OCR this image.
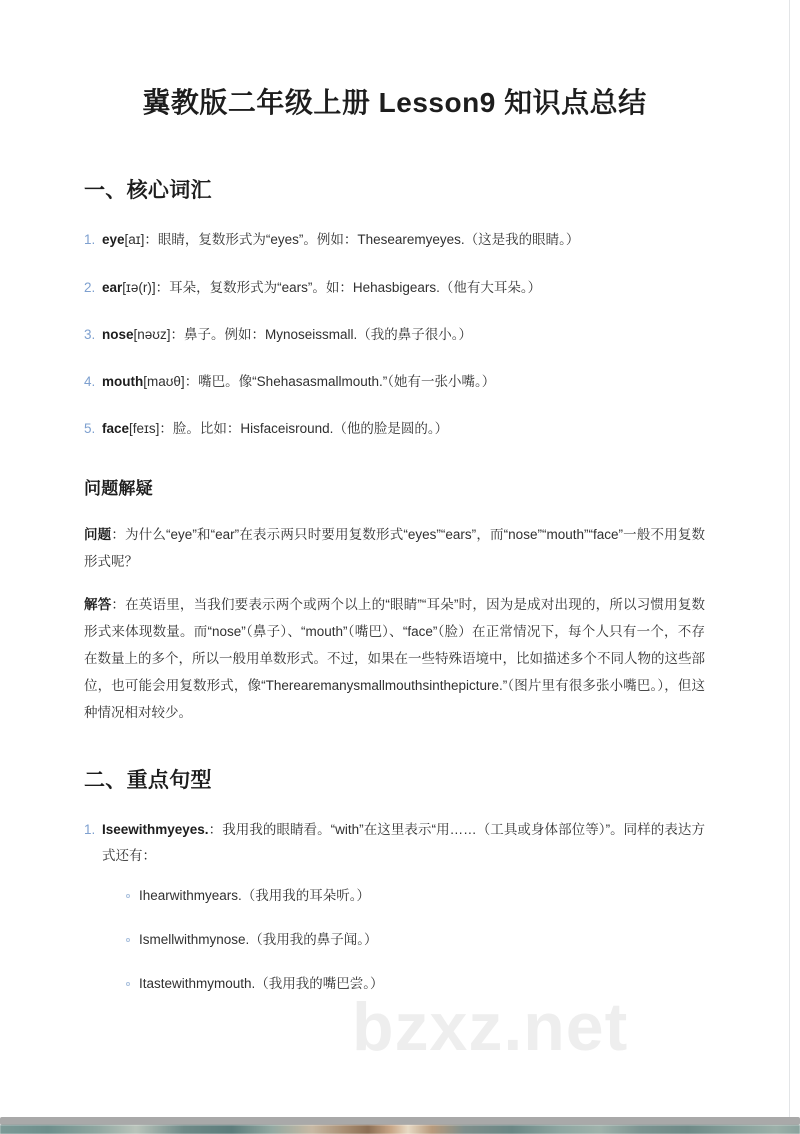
bzxz.net
冀教版二年级上册 Lesson9 知识点总结
一、核心词汇
eye[aɪ]：眼睛，复数形式为“eyes”。例如：Thesearemyeyes.（这是我的眼睛。）
ear[ɪə(r)]：耳朵，复数形式为“ears”。如：Hehasbigears.（他有大耳朵。）
nose[nəʊz]：鼻子。例如：Mynoseissmall.（我的鼻子很小。）
mouth[maʊθ]：嘴巴。像“Shehasasmallmouth.”（她有一张小嘴。）
face[feɪs]：脸。比如：Hisfaceisround.（他的脸是圆的。）
问题解疑

问题：为什么“eye”和“ear”在表示两只时要用复数形式“eyes”“ears”，而“nose”“mouth”“face”一般不用复数形式呢？

解答：在英语里，当我们要表示两个或两个以上的“眼睛”“耳朵”时，因为是成对出现的，所以习惯用复数形式来体现数量。而“nose”（鼻子）、“mouth”（嘴巴）、“face”（脸）在正常情况下，每个人只有一个，不存在数量上的多个，所以一般用单数形式。不过，如果在一些特殊语境中，比如描述多个不同人物的这些部位，也可能会用复数形式，像“Therearemanysmallmouthsinthepicture.”（图片里有很多张小嘴巴。），但这种情况相对较少。

二、重点句型
Iseewithmyeyes.：我用我的眼睛看。“with”在这里表示“用……（工具或身体部位等）”。同样的表达方式还有：
Ihearwithmyears.（我用我的耳朵听。）
Ismellwithmynose.（我用我的鼻子闻。）
Itastewithmymouth.（我用我的嘴巴尝。）
